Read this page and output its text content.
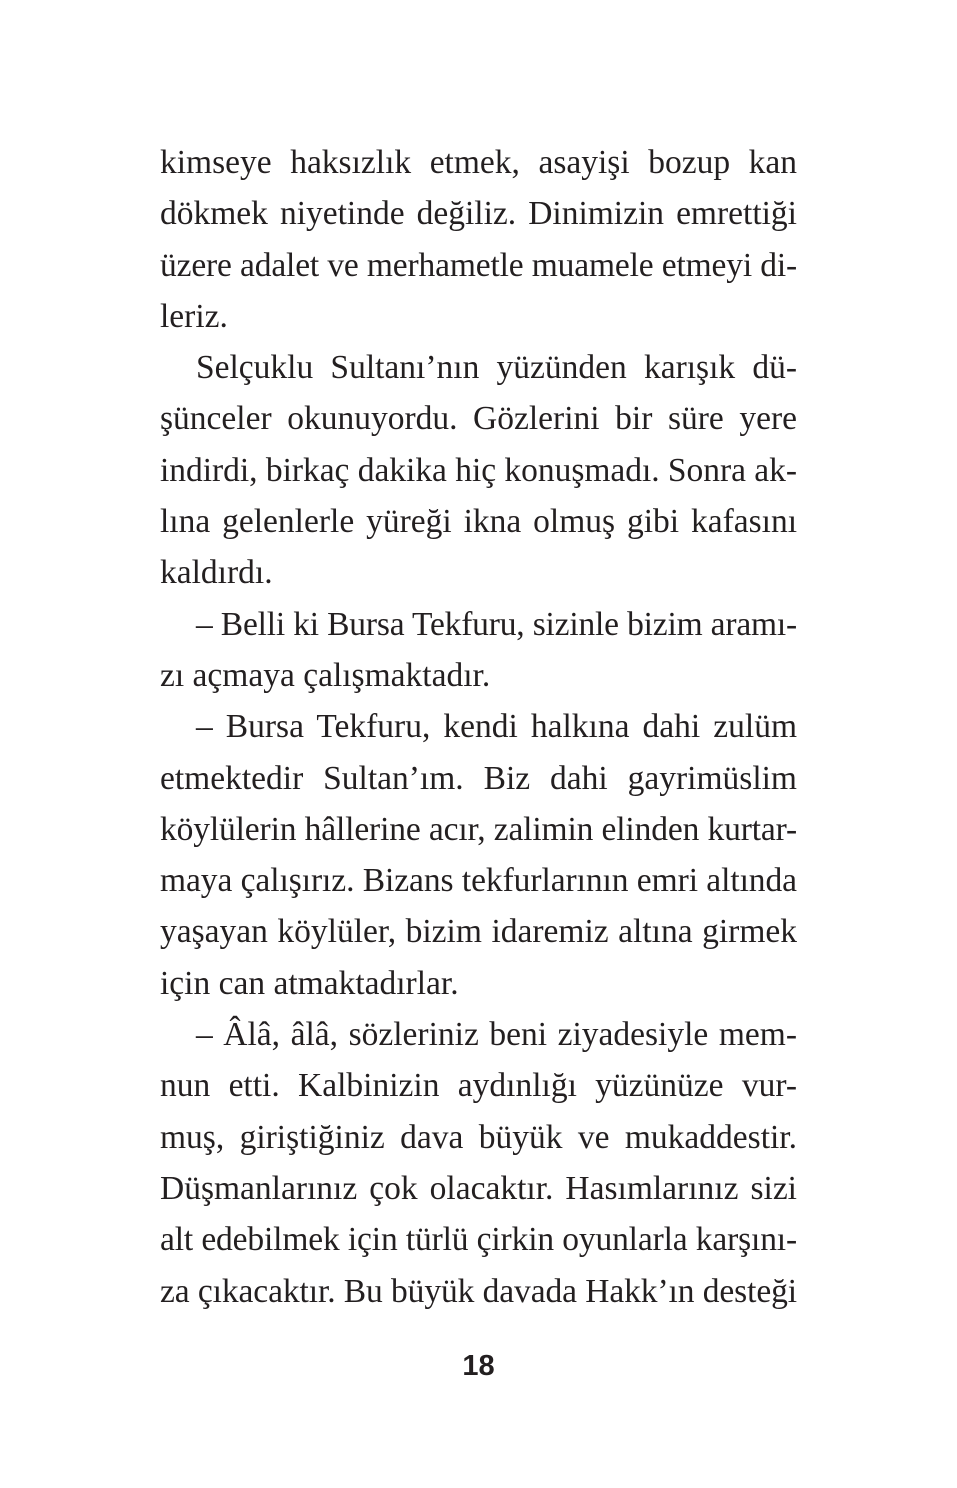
kimseye haksızlık etmek, asayişi bozup kan
dökmek niyetinde değiliz. Dinimizin emrettiği
üzere adalet ve merhametle muamele etmeyi di-
leriz.

Selçuklu Sultanı’nın yüzünden karışık dü-
şünceler okunuyordu. Gözlerini bir süre yere
indirdi, birkaç dakika hiç konuşmadı. Sonra ak-
lına gelenlerle yüreği ikna olmuş gibi kafasını
kaldırdı.

– Belli ki Bursa Tekfuru, sizinle bizim aramı-
zı açmaya çalışmaktadır.

– Bursa Tekfuru, kendi halkına dahi zulüm
etmektedir Sultan’ım. Biz dahi gayrimüslim
köylülerin hâllerine acır, zalimin elinden kurtar-
maya çalışırız. Bizans tekfurlarının emri altında
yaşayan köylüler, bizim idaremiz altına girmek
için can atmaktadırlar.

– Âlâ, âlâ, sözleriniz beni ziyadesiyle mem-
nun etti. Kalbinizin aydınlığı yüzünüze vur-
muş, giriştiğiniz dava büyük ve mukaddestir.
Düşmanlarınız çok olacaktır. Hasımlarınız sizi
alt edebilmek için türlü çirkin oyunlarla karşını-
za çıkacaktır. Bu büyük davada Hakk’ın desteği

18
